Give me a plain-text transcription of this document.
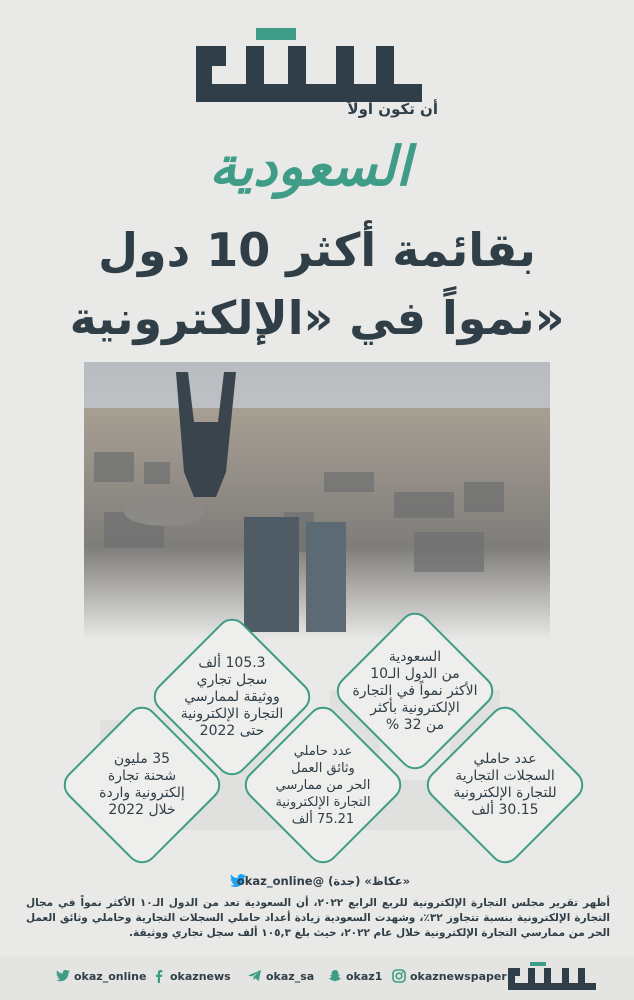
أن تكون أولاً
السعودية
بقائمة أكثر 10 دول
نمواً في «الإلكترونية»
105.3 ألف
سجل تجاري
ووثيقة لممارسي
التجارة الإلكترونية
حتى 2022
السعودية
من الدول الـ10
الأكثر نمواً في التجارة
الإلكترونية بأكثر
من 32 %
35 مليون
شحنة تجارة
إلكترونية واردة
خلال 2022
عدد حاملي
وثائق العمل
الحر من ممارسي
التجارة الإلكترونية
75.21 ألف
عدد حاملي
السجلات التجارية
للتجارة الإلكترونية
30.15 ألف
«عكاظ» (جدة) @okaz_online
أظهر تقرير مجلس التجارة الإلكترونية للربع الرابع ٢٠٢٢، أن السعودية تعد من الدول الـ١٠ الأكثر نمواً في مجال التجارة الإلكترونية بنسبة تتجاوز ٣٢٪، وشهدت السعودية زيادة أعداد حاملي السجلات التجارية وحاملي وثائق العمل الحر من ممارسي التجارة الإلكترونية خلال عام ٢٠٢٢، حيث بلغ ١٠٥,٣ ألف سجل تجاري ووثيقة.
okaz_online okaznews	okaz_sa	okaz1	okaznewspaper
